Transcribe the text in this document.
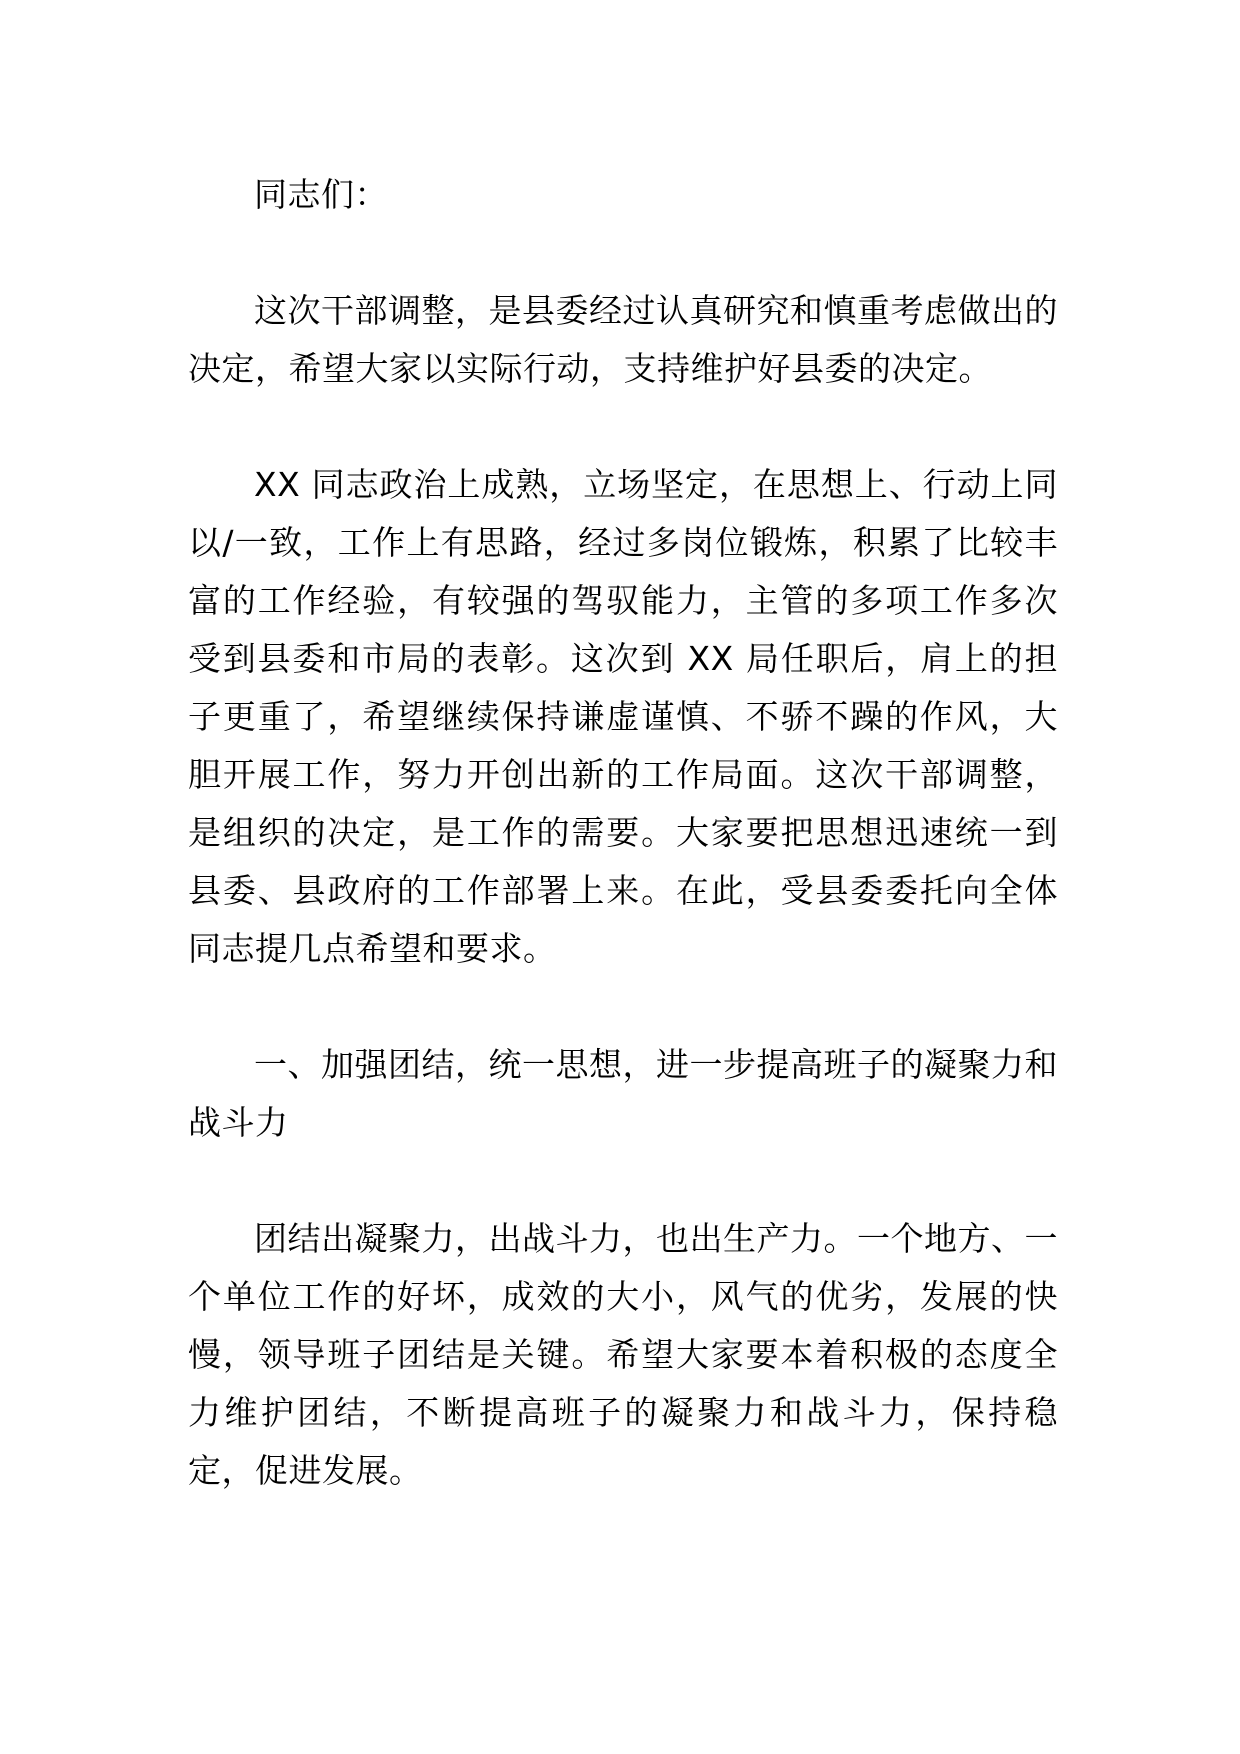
同志们：

这次干部调整，是县委经过认真研究和慎重考虑做出的决定，希望大家以实际行动，支持维护好县委的决定。

XX 同志政治上成熟，立场坚定，在思想上、行动上同以/一致，工作上有思路，经过多岗位锻炼，积累了比较丰富的工作经验，有较强的驾驭能力，主管的多项工作多次受到县委和市局的表彰。这次到 XX 局任职后，肩上的担子更重了，希望继续保持谦虚谨慎、不骄不躁的作风，大胆开展工作，努力开创出新的工作局面。这次干部调整，是组织的决定，是工作的需要。大家要把思想迅速统一到县委、县政府的工作部署上来。在此，受县委委托向全体同志提几点希望和要求。

一、加强团结，统一思想，进一步提高班子的凝聚力和战斗力

团结出凝聚力，出战斗力，也出生产力。一个地方、一个单位工作的好坏，成效的大小，风气的优劣，发展的快慢，领导班子团结是关键。希望大家要本着积极的态度全力维护团结，不断提高班子的凝聚力和战斗力，保持稳定，促进发展。
